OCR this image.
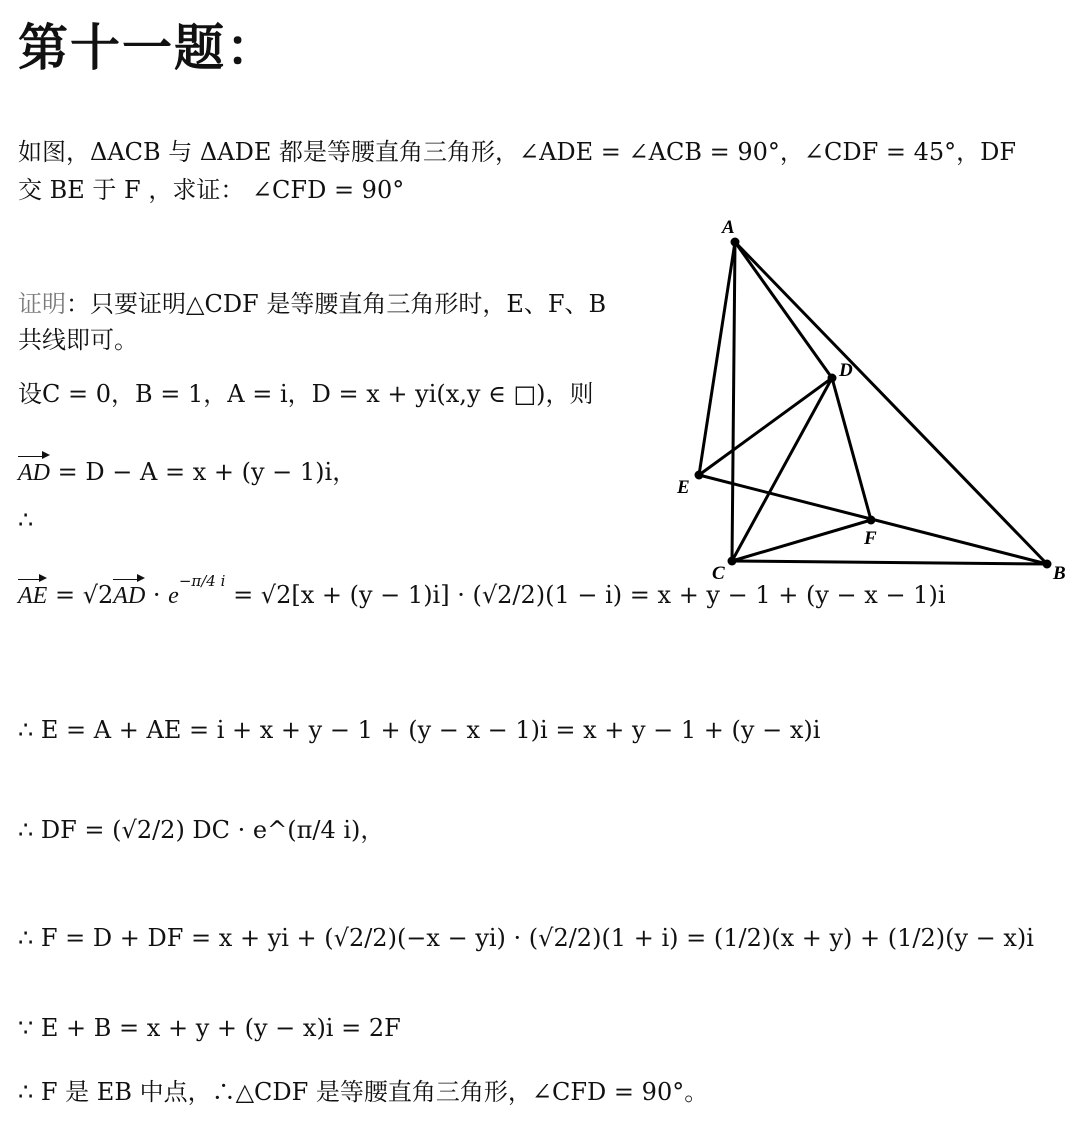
第十一题：
如图，ΔACB 与 ΔADE 都是等腰直角三角形，∠ADE = ∠ACB = 90°，∠CDF = 45°，DF
交 BE 于 F ，求证： ∠CFD = 90°
证明：只要证明△CDF 是等腰直角三角形时，E、F、B
共线即可。
设C = 0，B = 1，A = i，D = x + yi(x,y ∈ □)，则
AD = D − A = x + (y − 1)i，
∴
AE = $√2AD \cdot e^{-\pi/4 i} = √2[x + (y - 1)i] \cdot (√2/2)(1 - i) = x + y - 1 + (y - x - 1)i$
∴ E = A + AE = i + x + y − 1 + (y − x − 1)i = x + y − 1 + (y − x)i
∴ DF = (√2/2) DC · e^(π/4 i)，
∴ F = D + DF = x + yi + (√2/2)(−x − yi) · (√2/2)(1 + i) = (1/2)(x + y) + (1/2)(y − x)i
∵ E + B = x + y + (y − x)i = 2F
∴ F 是 EB 中点，∴△CDF 是等腰直角三角形，∠CFD = 90°。
A
D
E
F
C	B
